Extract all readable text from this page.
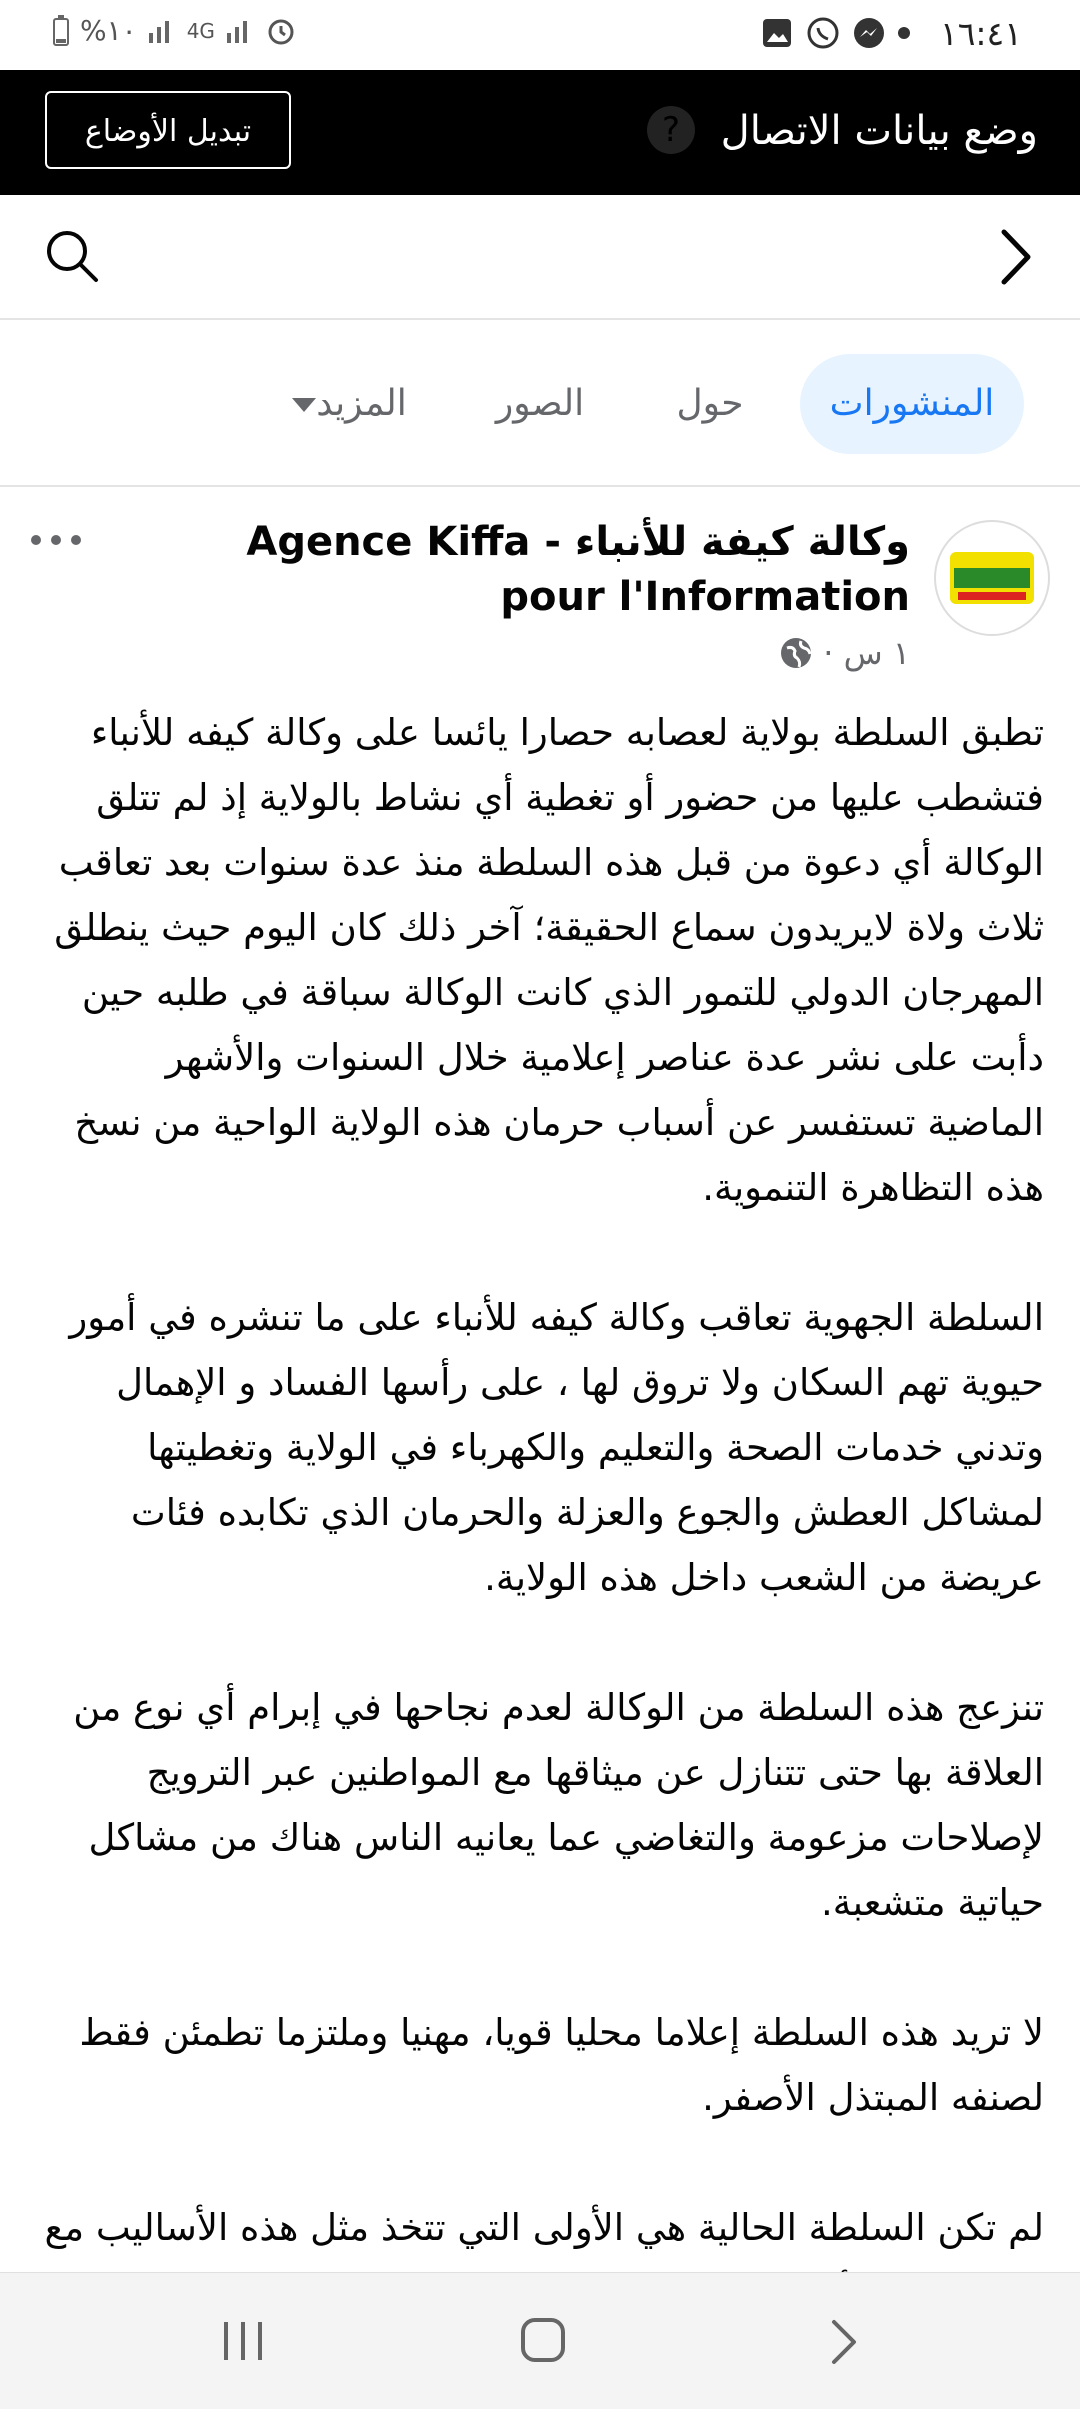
%١٠	4G	١٦:٤١
وضع بيانات الاتصال
?
تبديل الأوضاع
المنشورات
حول
الصور
المزيد
وكالة كيفة للأنباء - Agence Kiffa pour l'Information
١ س ·

تطبق السلطة بولاية لعصابه حصارا يائسا على وكالة كيفه للأنباء فتشطب عليها من حضور أو تغطية أي نشاط بالولاية إذ لم تتلق الوكالة أي دعوة من قبل هذه السلطة منذ عدة سنوات بعد تعاقب ثلاث ولاة لايريدون سماع الحقيقة؛ آخر ذلك كان اليوم حيث ينطلق المهرجان الدولي للتمور الذي كانت الوكالة سباقة في طلبه حين دأبت على نشر عدة عناصر إعلامية خلال السنوات والأشهر الماضية تستفسر عن أسباب حرمان هذه الولاية الواحية من نسخ هذه التظاهرة التنموية.

السلطة الجهوية تعاقب وكالة كيفه للأنباء على ما تنشره في أمور حيوية تهم السكان ولا تروق لها ، على رأسها الفساد و الإهمال وتدني خدمات الصحة والتعليم والكهرباء في الولاية وتغطيتها لمشاكل العطش والجوع والعزلة والحرمان الذي تكابده فئات عريضة من الشعب داخل هذه الولاية.

تنزعج هذه السلطة من الوكالة لعدم نجاحها في إبرام أي نوع من العلاقة بها حتى تتنازل عن ميثاقها مع المواطنين عبر الترويج لإصلاحات مزعومة والتغاضي عما يعانيه الناس هناك من مشاكل حياتية متشعبة.

لا تريد هذه السلطة إعلاما محليا قويا، مهنيا وملتزما تطمئن فقط لصنفه المبتذل الأصفر.

لم تكن السلطة الحالية هي الأولى التي تتخذ مثل هذه الأساليب مع
